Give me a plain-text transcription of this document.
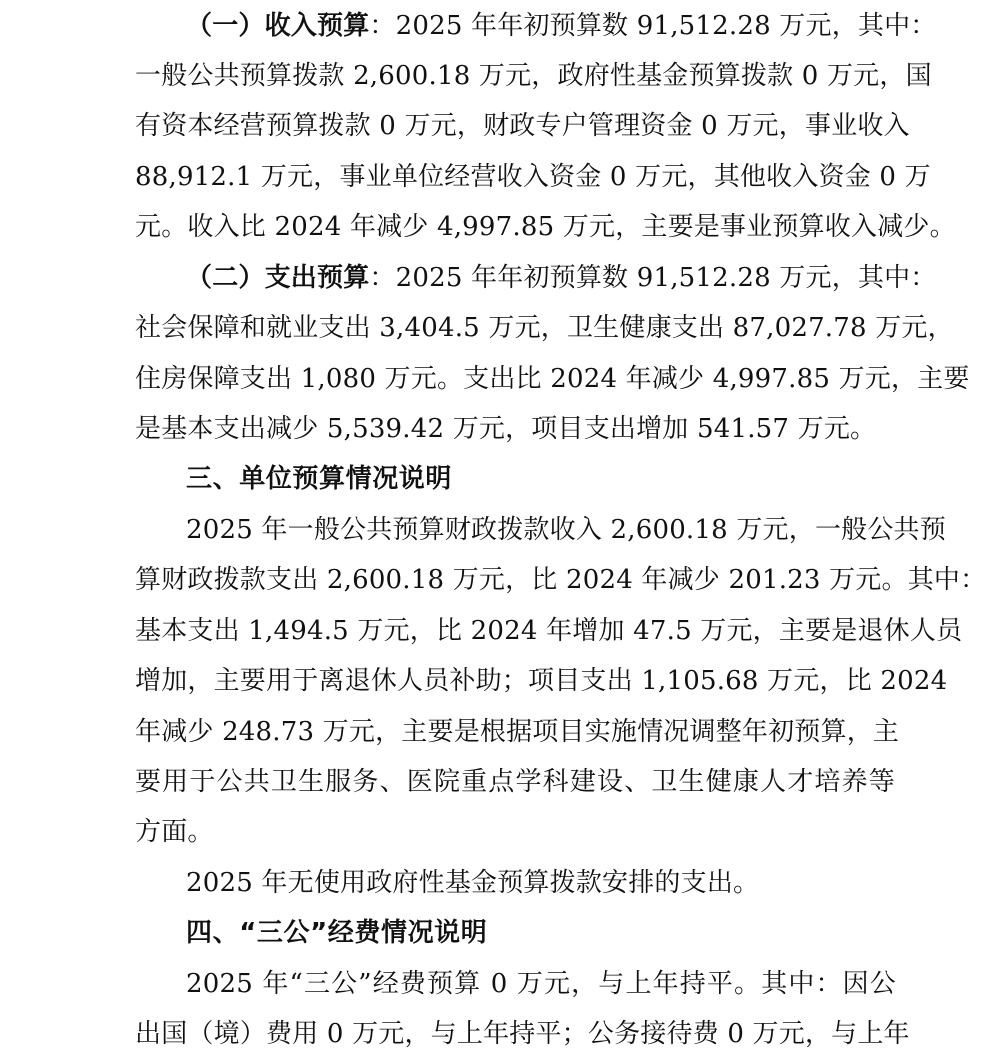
（一）收入预算：2025 年年初预算数 91,512.28 万元，其中：
一般公共预算拨款 2,600.18 万元，政府性基金预算拨款 0 万元，国
有资本经营预算拨款 0 万元，财政专户管理资金 0 万元，事业收入
88,912.1 万元，事业单位经营收入资金 0 万元，其他收入资金 0 万
元。收入比 2024 年减少 4,997.85 万元，主要是事业预算收入减少。
（二）支出预算：2025 年年初预算数 91,512.28 万元，其中：
社会保障和就业支出 3,404.5 万元，卫生健康支出 87,027.78 万元，
住房保障支出 1,080 万元。支出比 2024 年减少 4,997.85 万元，主要
是基本支出减少 5,539.42 万元，项目支出增加 541.57 万元。
三、单位预算情况说明
2025 年一般公共预算财政拨款收入 2,600.18 万元，一般公共预
算财政拨款支出 2,600.18 万元，比 2024 年减少 201.23 万元。其中：
基本支出 1,494.5 万元，比 2024 年增加 47.5 万元，主要是退休人员
增加，主要用于离退休人员补助；项目支出 1,105.68 万元，比 2024
年减少 248.73 万元，主要是根据项目实施情况调整年初预算，主
要用于公共卫生服务、医院重点学科建设、卫生健康人才培养等
方面。
2025 年无使用政府性基金预算拨款安排的支出。
四、“三公”经费情况说明
2025 年“三公”经费预算 0 万元，与上年持平。其中：因公
出国（境）费用 0 万元，与上年持平；公务接待费 0 万元，与上年
